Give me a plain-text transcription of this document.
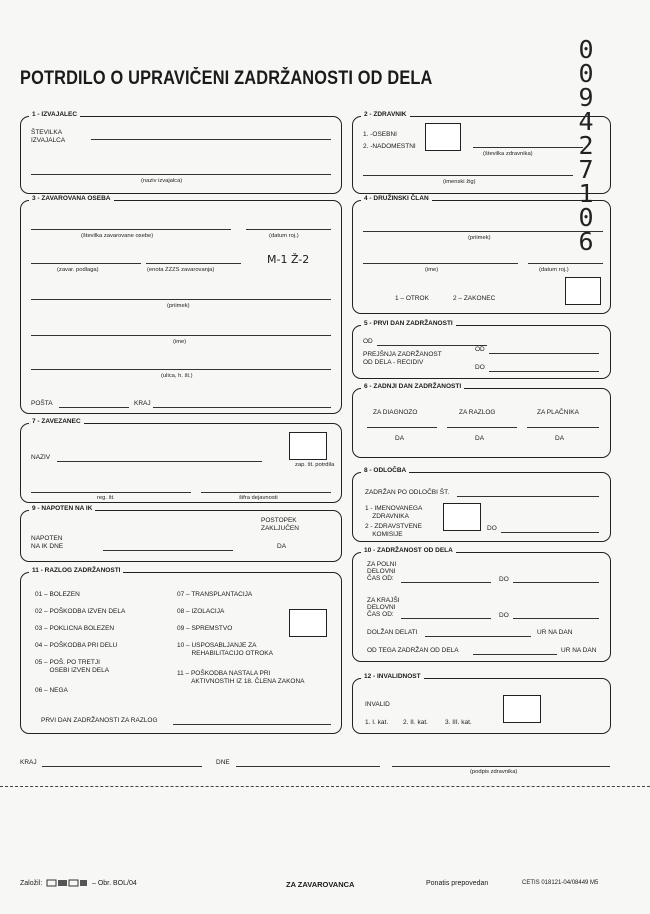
POTRDILO O UPRAVIČENI ZADRŽANOSTI OD DELA
00942710 6
1 - IZVAJALEC
ŠTEVILKA
IZVAJALCA
(naziv izvajalca)
2 - ZDRAVNIK
1. -OSEBNI
2. -NADOMESTNI
(številka zdravnika)
(imenski žig)
3 - ZAVAROVANA OSEBA
(številka zavarovane osebe)	(datum roj.)
(zavar. podlaga)	(enota ZZZS zavarovanja)
M-1 Ž-2
(priimek)
(ime)
(ulica, h. št.)
POŠTA	KRAJ
4 - DRUŽINSKI ČLAN
(priimek)
(ime)	(datum roj.)
1 – OTROK	2 – ZAKONEC
5 - PRVI DAN ZADRŽANOSTI
OD
PREJŠNJA ZADRŽANOST
OD DELA - RECIDIV
OD
DO
6 - ZADNJI DAN ZADRŽANOSTI
ZA DIAGNOZO	ZA RAZLOG	ZA PLAČNIKA
DA	DA	DA
7 - ZAVEZANEC
NAZIV
zap. št. potrdila
reg. št.	šifra dejavnosti
8 - ODLOČBA
ZADRŽAN PO ODLOČBI ŠT.
1 - IMENOVANEGA
ZDRAVNIKA
2 - ZDRAVSTVENE
KOMISIJE
DO
9 - NAPOTEN NA IK
POSTOPEK
ZAKLJUČEN
NAPOTEN
NA IK DNE	DA
10 - ZADRŽANOST OD DELA
ZA POLNI
DELOVNI
ČAS OD:	DO
ZA KRAJŠI
DELOVNI
ČAS OD:	DO
DOLŽAN DELATI	UR NA DAN
OD TEGA ZADRŽAN OD DELA	UR NA DAN
11 - RAZLOG ZADRŽANOSTI
01 – BOLEZEN
02 – POŠKODBA IZVEN DELA
03 – POKLICNA BOLEZEN
04 – POŠKODBA PRI DELU
05 – POŠ. PO TRETJI
OSEBI IZVEN DELA
06 – NEGA
07 – TRANSPLANTACIJA
08 – IZOLACIJA
09 – SPREMSTVO
10 – USPOSABLJANJE ZA
REHABILITACIJO OTROKA
11 – POŠKODBA NASTALA PRI
AKTIVNOSTIH IZ 18. ČLENA ZAKONA
PRVI DAN ZADRŽANOSTI ZA RAZLOG
12 - INVALIDNOST
INVALID
1. I. kat. 2. II. kat.	3. III. kat.
KRAJ	DNE
(podpis zdravnika)
Založil:	– Obr. BOL/04	ZA ZAVAROVANCA	Ponatis prepovedan	CETIS 018121-04/08449 M5
